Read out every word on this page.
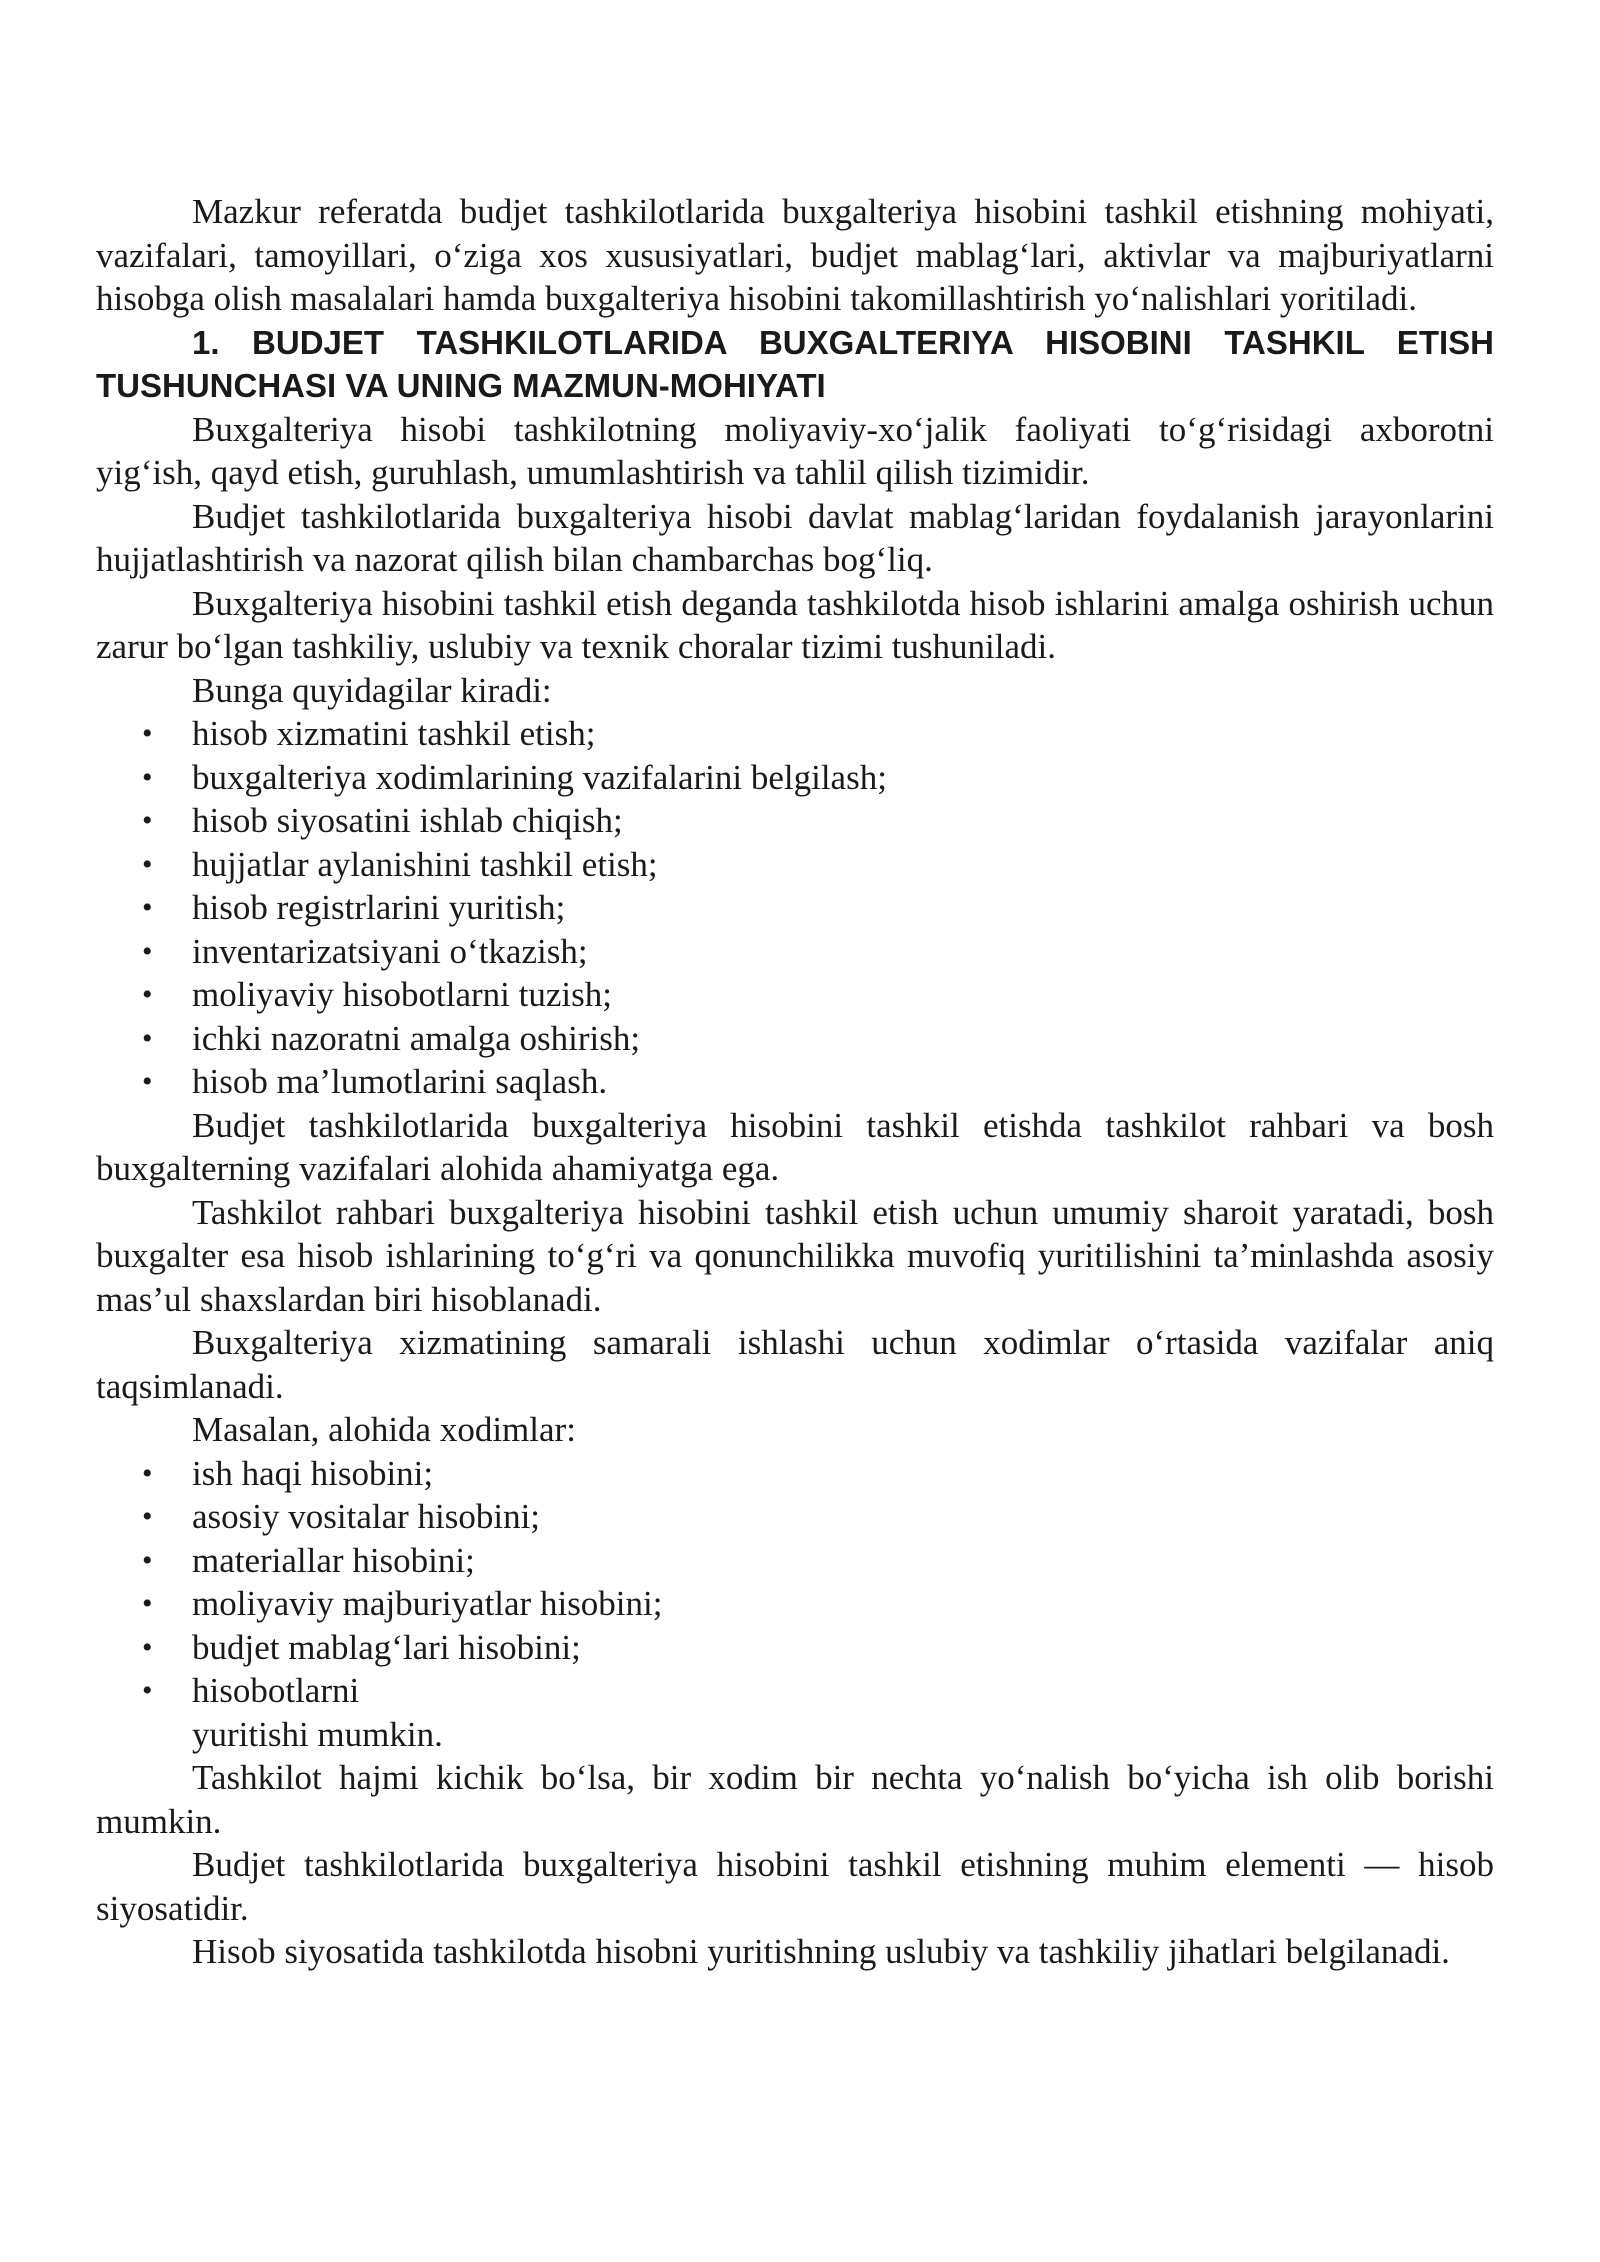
Mazkur referatda budjet tashkilotlarida buxgalteriya hisobini tashkil etishning mohiyati, vazifalari, tamoyillari, o‘ziga xos xususiyatlari, budjet mablag‘lari, aktivlar va majburiyatlarni hisobga olish masalalari hamda buxgalteriya hisobini takomillashtirish yo‘nalishlari yoritiladi.

1. BUDJET TASHKILOTLARIDA BUXGALTERIYA HISOBINI TASHKIL ETISH TUSHUNCHASI VA UNING MAZMUN-MOHIYATI

Buxgalteriya hisobi tashkilotning moliyaviy-xo‘jalik faoliyati to‘g‘risidagi axborotni yig‘ish, qayd etish, guruhlash, umumlashtirish va tahlil qilish tizimidir.

Budjet tashkilotlarida buxgalteriya hisobi davlat mablag‘laridan foydalanish jarayonlarini hujjatlashtirish va nazorat qilish bilan chambarchas bog‘liq.

Buxgalteriya hisobini tashkil etish deganda tashkilotda hisob ishlarini amalga oshirish uchun zarur bo‘lgan tashkiliy, uslubiy va texnik choralar tizimi tushuniladi.

Bunga quyidagilar kiradi:

• hisob xizmatini tashkil etish;
• buxgalteriya xodimlarining vazifalarini belgilash;
• hisob siyosatini ishlab chiqish;
• hujjatlar aylanishini tashkil etish;
• hisob registrlarini yuritish;
• inventarizatsiyani o‘tkazish;
• moliyaviy hisobotlarni tuzish;
• ichki nazoratni amalga oshirish;
• hisob ma’lumotlarini saqlash.

Budjet tashkilotlarida buxgalteriya hisobini tashkil etishda tashkilot rahbari va bosh buxgalterning vazifalari alohida ahamiyatga ega.

Tashkilot rahbari buxgalteriya hisobini tashkil etish uchun umumiy sharoit yaratadi, bosh buxgalter esa hisob ishlarining to‘g‘ri va qonunchilikka muvofiq yuritilishini ta’minlashda asosiy mas’ul shaxslardan biri hisoblanadi.

Buxgalteriya xizmatining samarali ishlashi uchun xodimlar o‘rtasida vazifalar aniq taqsimlanadi.

Masalan, alohida xodimlar:

• ish haqi hisobini;
• asosiy vositalar hisobini;
• materiallar hisobini;
• moliyaviy majburiyatlar hisobini;
• budjet mablag‘lari hisobini;
• hisobotlarni

yuritishi mumkin.

Tashkilot hajmi kichik bo‘lsa, bir xodim bir nechta yo‘nalish bo‘yicha ish olib borishi mumkin.

Budjet tashkilotlarida buxgalteriya hisobini tashkil etishning muhim elementi — hisob siyosatidir.

Hisob siyosatida tashkilotda hisobni yuritishning uslubiy va tashkiliy jihatlari belgilanadi.
